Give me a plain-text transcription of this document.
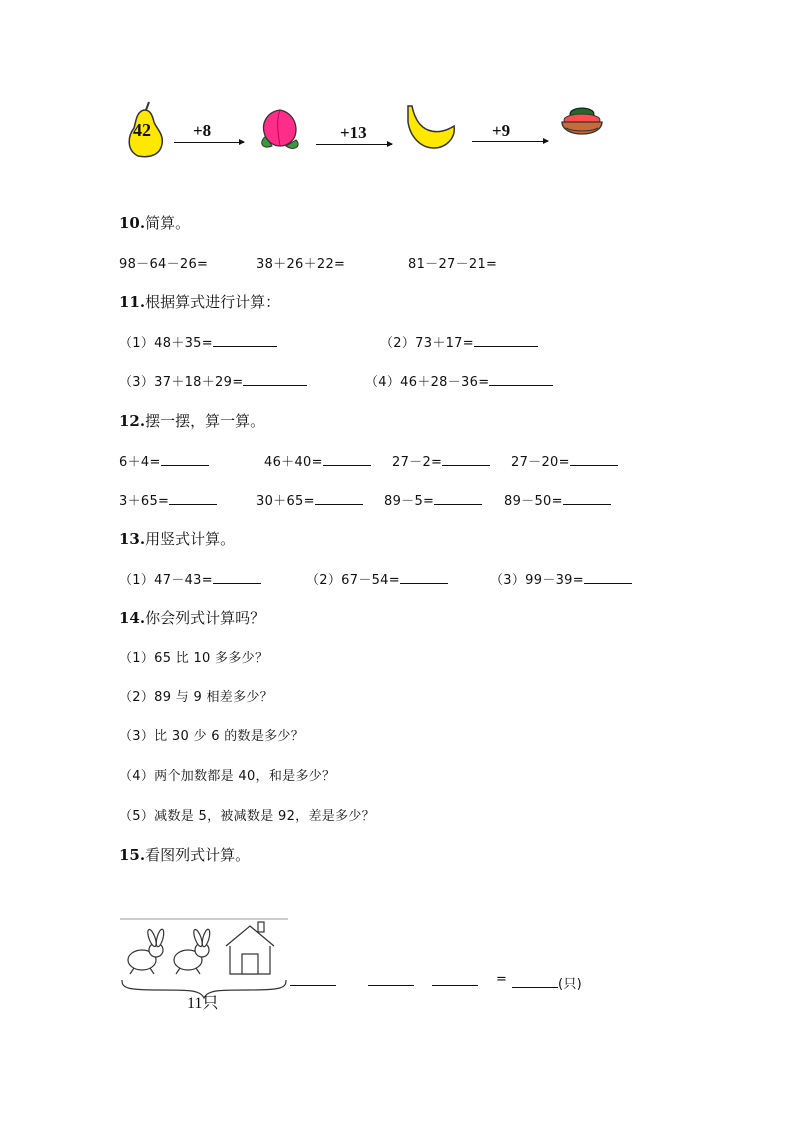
42 +8	+13	+9
10.简算。
98－64－26=	38＋26＋22=	81－27－21=
11.根据算式进行计算：
（1）48＋35=	（2）73＋17=
（3）37＋18＋29=	（4）46＋28－36=
12.摆一摆，算一算。
6＋4=	46＋40=	27－2=	27－20=
3＋65=	30＋65=	89－5=	89－50=
13.用竖式计算。
（1）47－43=	（2）67－54=	（3）99－39=
14.你会列式计算吗？
（1）65 比 10 多多少？
（2）89 与 9 相差多少？
（3）比 30 少 6 的数是多少？
（4）两个加数都是 40，和是多少？
（5）减数是 5，被减数是 92，差是多少？
15.看图列式计算。
11只
=	(只)
